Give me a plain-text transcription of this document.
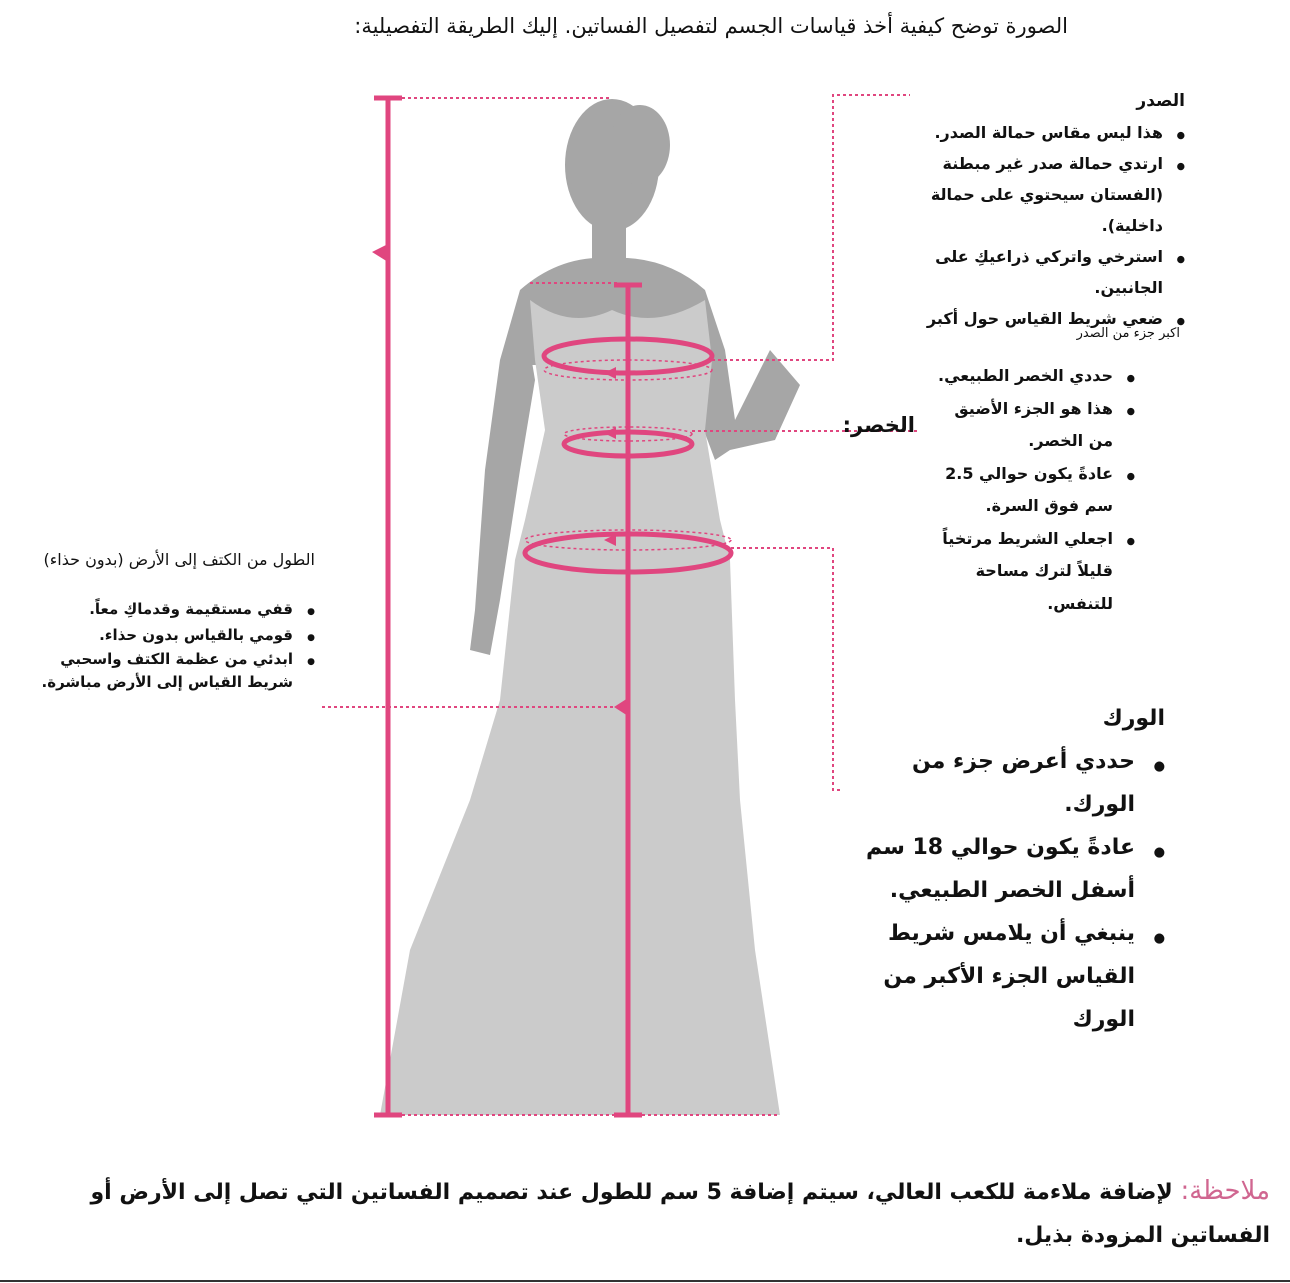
الصورة توضح كيفية أخذ قياسات الجسم لتفصيل الفساتين. إليك الطريقة التفصيلية:
الصدر
● هذا ليس مقاس حمالة الصدر.
● ارتدي حمالة صدر غير مبطنة (الفستان سيحتوي على حمالة داخلية).
● استرخي واتركي ذراعيكِ على الجانبين.
● ضعي شريط القياس حول أكبر
اكبر جزء من الصدر
الخصر:
● حددي الخصر الطبيعي.
● هذا هو الجزء الأضيق من الخصر.
● عادةً يكون حوالي 2.5 سم فوق السرة.
● اجعلي الشريط مرتخياً قليلاً لترك مساحة للتنفس.
الورك
● حددي أعرض جزء من الورك.
● عادةً يكون حوالي 18 سم أسفل الخصر الطبيعي.
● ينبغي أن يلامس شريط القياس الجزء الأكبر من الورك
الطول من الكتف إلى الأرض (بدون حذاء)
● قفي مستقيمة وقدماكِ معاً.
● قومي بالقياس بدون حذاء.
● ابدئي من عظمة الكتف واسحبي شريط القياس إلى الأرض مباشرة.
ملاحظة: لإضافة ملاءمة للكعب العالي، سيتم إضافة 5 سم للطول عند تصميم الفساتين التي تصل إلى الأرض أو الفساتين المزودة بذيل.
